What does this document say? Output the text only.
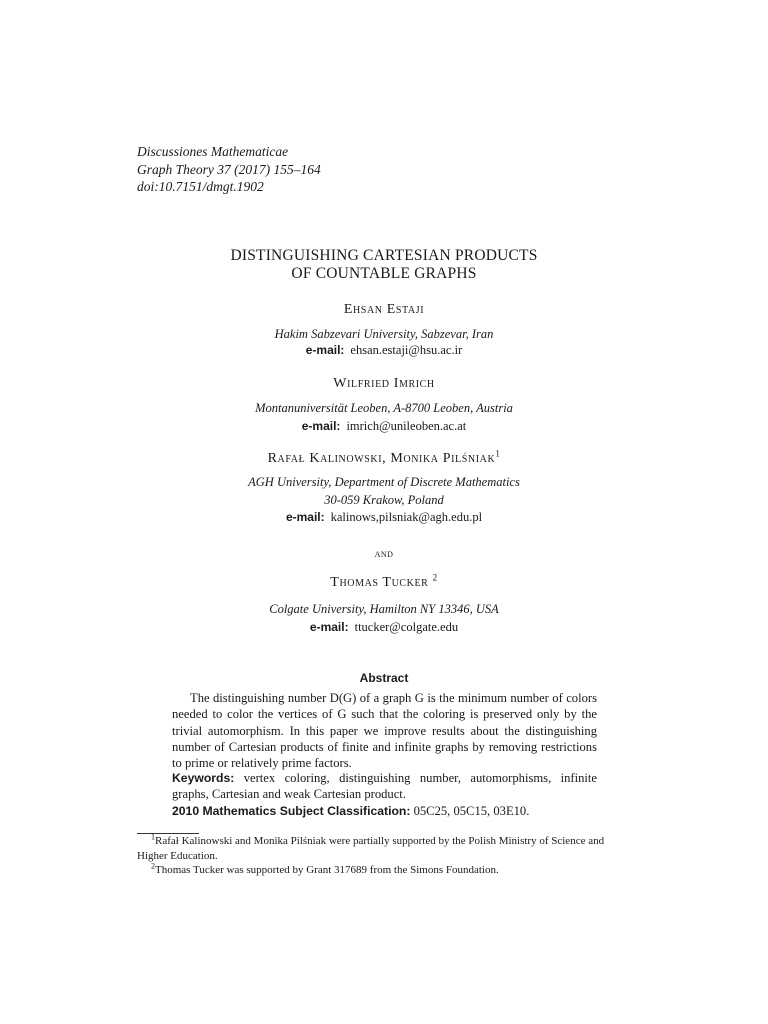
Discussiones Mathematicae
Graph Theory 37 (2017) 155–164
doi:10.7151/dmgt.1902
DISTINGUISHING CARTESIAN PRODUCTS
OF COUNTABLE GRAPHS
Ehsan Estaji
Hakim Sabzevari University, Sabzevar, Iran
e-mail: ehsan.estaji@hsu.ac.ir
Wilfried Imrich
Montanuniversität Leoben, A-8700 Leoben, Austria
e-mail: imrich@unileoben.ac.at
Rafał Kalinowski, Monika Pilśniak$^1$
AGH University, Department of Discrete Mathematics
30-059 Krakow, Poland
e-mail: kalinows,pilsniak@agh.edu.pl
and
Thomas Tucker $^2$
Colgate University, Hamilton NY 13346, USA
e-mail: ttucker@colgate.edu
Abstract
The distinguishing number D(G) of a graph G is the minimum number of colors needed to color the vertices of G such that the coloring is preserved only by the trivial automorphism. In this paper we improve results about the distinguishing number of Cartesian products of finite and infinite graphs by removing restrictions to prime or relatively prime factors.
Keywords: vertex coloring, distinguishing number, automorphisms, infinite graphs, Cartesian and weak Cartesian product.
2010 Mathematics Subject Classification: 05C25, 05C15, 03E10.
$^1$Rafał Kalinowski and Monika Pilśniak were partially supported by the Polish Ministry of Science and Higher Education.
$^2$Thomas Tucker was supported by Grant 317689 from the Simons Foundation.
